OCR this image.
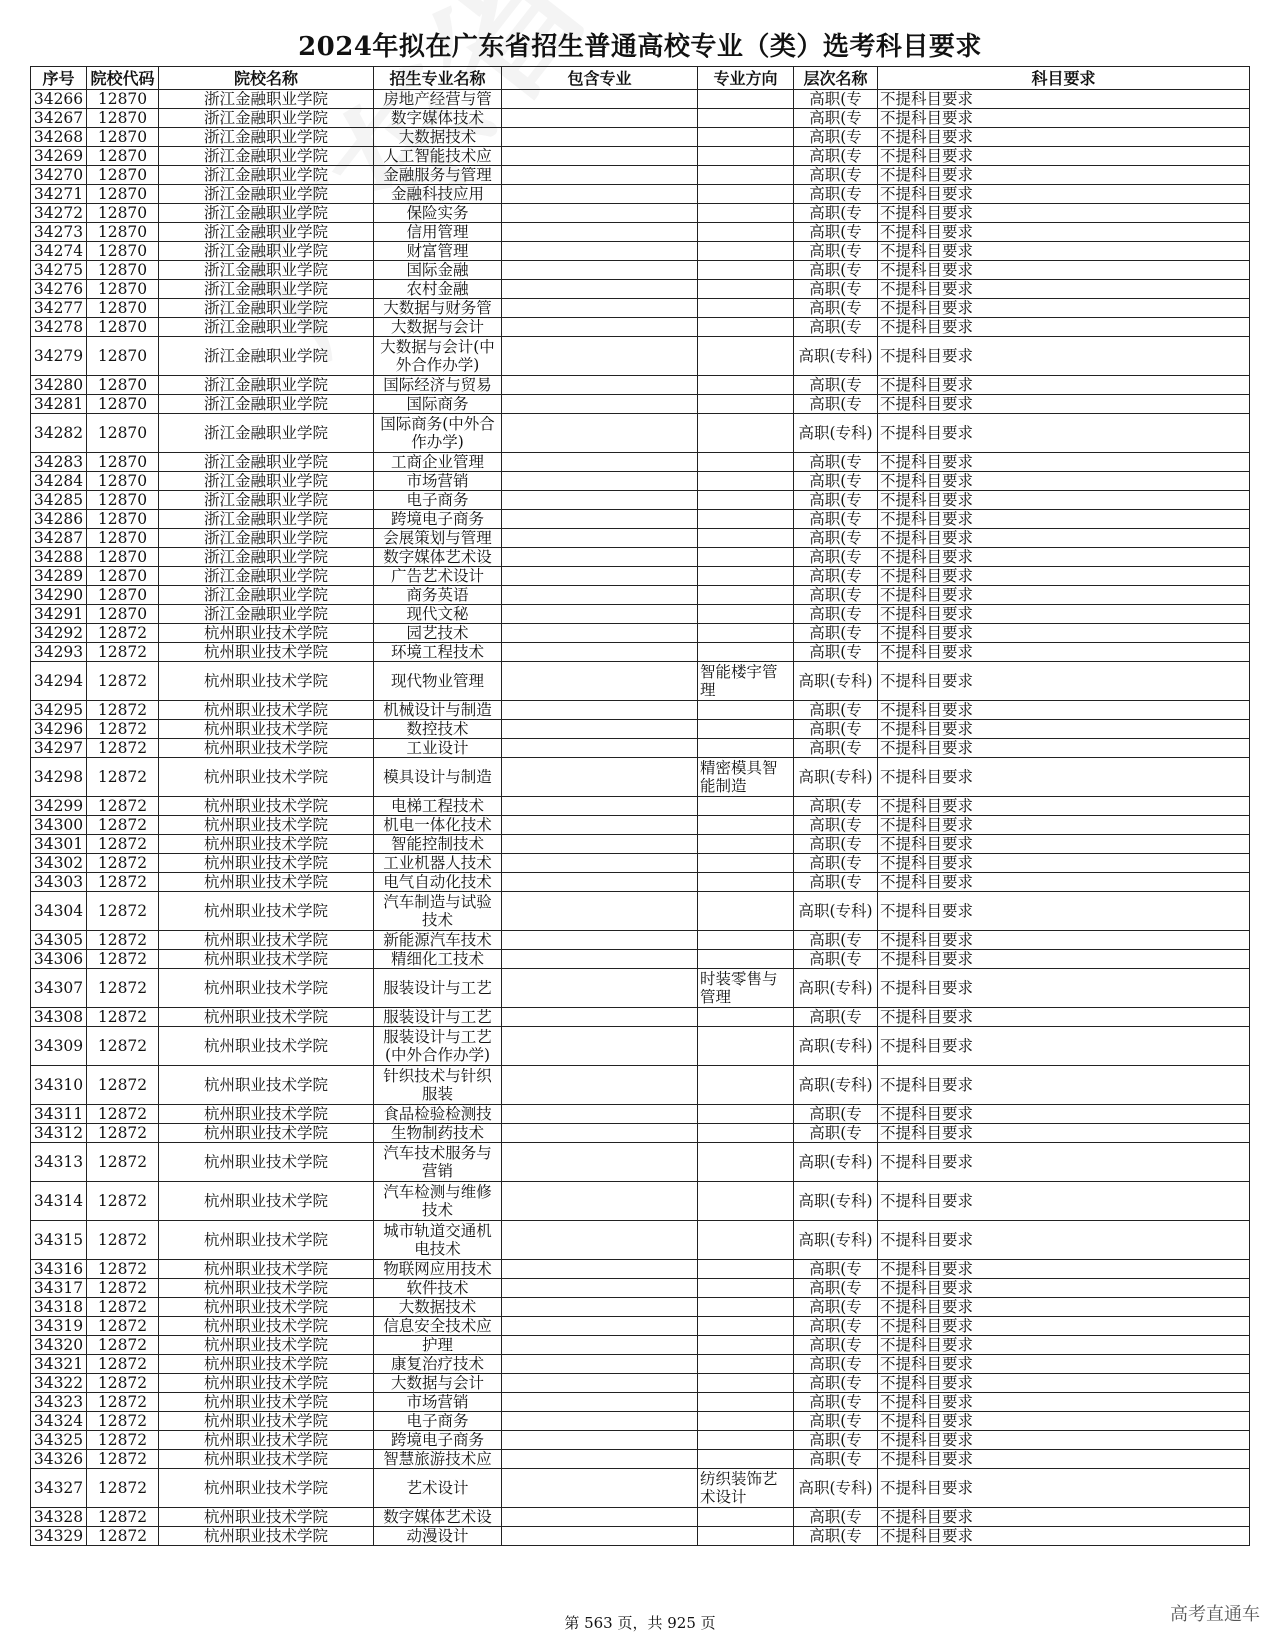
2024年拟在广东省招生普通高校专业（类）选考科目要求
序号	院校代码	院校名称	招生专业名称	包含专业	专业方向	层次名称	科目要求
34266	12870	浙江金融职业学院	房地产经营与管			高职(专	不提科目要求
34267	12870	浙江金融职业学院	数字媒体技术			高职(专	不提科目要求
34268	12870	浙江金融职业学院	大数据技术			高职(专	不提科目要求
34269	12870	浙江金融职业学院	人工智能技术应			高职(专	不提科目要求
34270	12870	浙江金融职业学院	金融服务与管理			高职(专	不提科目要求
34271	12870	浙江金融职业学院	金融科技应用			高职(专	不提科目要求
34272	12870	浙江金融职业学院	保险实务			高职(专	不提科目要求
34273	12870	浙江金融职业学院	信用管理			高职(专	不提科目要求
34274	12870	浙江金融职业学院	财富管理			高职(专	不提科目要求
34275	12870	浙江金融职业学院	国际金融			高职(专	不提科目要求
34276	12870	浙江金融职业学院	农村金融			高职(专	不提科目要求
34277	12870	浙江金融职业学院	大数据与财务管			高职(专	不提科目要求
34278	12870	浙江金融职业学院	大数据与会计			高职(专	不提科目要求
34279	12870	浙江金融职业学院	大数据与会计(中外合作办学)			高职(专科)	不提科目要求
34280	12870	浙江金融职业学院	国际经济与贸易			高职(专	不提科目要求
34281	12870	浙江金融职业学院	国际商务			高职(专	不提科目要求
34282	12870	浙江金融职业学院	国际商务(中外合作办学)			高职(专科)	不提科目要求
34283	12870	浙江金融职业学院	工商企业管理			高职(专	不提科目要求
34284	12870	浙江金融职业学院	市场营销			高职(专	不提科目要求
34285	12870	浙江金融职业学院	电子商务			高职(专	不提科目要求
34286	12870	浙江金融职业学院	跨境电子商务			高职(专	不提科目要求
34287	12870	浙江金融职业学院	会展策划与管理			高职(专	不提科目要求
34288	12870	浙江金融职业学院	数字媒体艺术设			高职(专	不提科目要求
34289	12870	浙江金融职业学院	广告艺术设计			高职(专	不提科目要求
34290	12870	浙江金融职业学院	商务英语			高职(专	不提科目要求
34291	12870	浙江金融职业学院	现代文秘			高职(专	不提科目要求
34292	12872	杭州职业技术学院	园艺技术			高职(专	不提科目要求
34293	12872	杭州职业技术学院	环境工程技术			高职(专	不提科目要求
34294	12872	杭州职业技术学院	现代物业管理		智能楼宇管理	高职(专科)	不提科目要求
34295	12872	杭州职业技术学院	机械设计与制造			高职(专	不提科目要求
34296	12872	杭州职业技术学院	数控技术			高职(专	不提科目要求
34297	12872	杭州职业技术学院	工业设计			高职(专	不提科目要求
34298	12872	杭州职业技术学院	模具设计与制造		精密模具智能制造	高职(专科)	不提科目要求
34299	12872	杭州职业技术学院	电梯工程技术			高职(专	不提科目要求
34300	12872	杭州职业技术学院	机电一体化技术			高职(专	不提科目要求
34301	12872	杭州职业技术学院	智能控制技术			高职(专	不提科目要求
34302	12872	杭州职业技术学院	工业机器人技术			高职(专	不提科目要求
34303	12872	杭州职业技术学院	电气自动化技术			高职(专	不提科目要求
34304	12872	杭州职业技术学院	汽车制造与试验技术			高职(专科)	不提科目要求
34305	12872	杭州职业技术学院	新能源汽车技术			高职(专	不提科目要求
34306	12872	杭州职业技术学院	精细化工技术			高职(专	不提科目要求
34307	12872	杭州职业技术学院	服装设计与工艺		时装零售与管理	高职(专科)	不提科目要求
34308	12872	杭州职业技术学院	服装设计与工艺			高职(专	不提科目要求
34309	12872	杭州职业技术学院	服装设计与工艺(中外合作办学)			高职(专科)	不提科目要求
34310	12872	杭州职业技术学院	针织技术与针织服装			高职(专科)	不提科目要求
34311	12872	杭州职业技术学院	食品检验检测技			高职(专	不提科目要求
34312	12872	杭州职业技术学院	生物制药技术			高职(专	不提科目要求
34313	12872	杭州职业技术学院	汽车技术服务与营销			高职(专科)	不提科目要求
34314	12872	杭州职业技术学院	汽车检测与维修技术			高职(专科)	不提科目要求
34315	12872	杭州职业技术学院	城市轨道交通机电技术			高职(专科)	不提科目要求
34316	12872	杭州职业技术学院	物联网应用技术			高职(专	不提科目要求
34317	12872	杭州职业技术学院	软件技术			高职(专	不提科目要求
34318	12872	杭州职业技术学院	大数据技术			高职(专	不提科目要求
34319	12872	杭州职业技术学院	信息安全技术应			高职(专	不提科目要求
34320	12872	杭州职业技术学院	护理			高职(专	不提科目要求
34321	12872	杭州职业技术学院	康复治疗技术			高职(专	不提科目要求
34322	12872	杭州职业技术学院	大数据与会计			高职(专	不提科目要求
34323	12872	杭州职业技术学院	市场营销			高职(专	不提科目要求
34324	12872	杭州职业技术学院	电子商务			高职(专	不提科目要求
34325	12872	杭州职业技术学院	跨境电子商务			高职(专	不提科目要求
34326	12872	杭州职业技术学院	智慧旅游技术应			高职(专	不提科目要求
34327	12872	杭州职业技术学院	艺术设计		纺织装饰艺术设计	高职(专科)	不提科目要求
34328	12872	杭州职业技术学院	数字媒体艺术设			高职(专	不提科目要求
34329	12872	杭州职业技术学院	动漫设计			高职(专	不提科目要求
第 563 页，共 925 页	高考直通车
